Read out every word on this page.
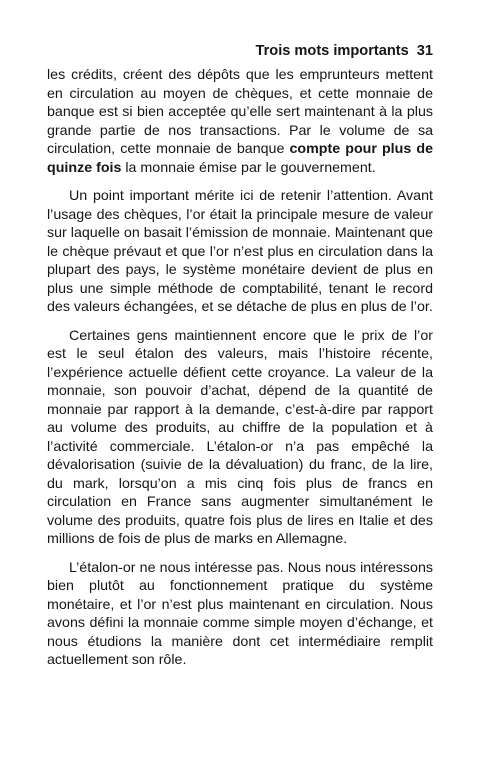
Trois mots importants 31

les crédits, créent des dépôts que les emprunteurs mettent en circulation au moyen de chèques, et cette monnaie de banque est si bien acceptée qu’elle sert maintenant à la plus grande partie de nos transactions. Par le volume de sa circulation, cette monnaie de banque compte pour plus de quinze fois la monnaie émise par le gouvernement.

Un point important mérite ici de retenir l’attention. Avant l’usage des chèques, l’or était la principale mesure de valeur sur laquelle on basait l’émission de monnaie. Maintenant que le chèque prévaut et que l’or n’est plus en circulation dans la plupart des pays, le système monétaire devient de plus en plus une simple méthode de comptabilité, tenant le record des valeurs échangées, et se détache de plus en plus de l’or.

Certaines gens maintiennent encore que le prix de l’or est le seul étalon des valeurs, mais l’histoire récente, l’expérience actuelle défient cette croyance. La valeur de la monnaie, son pouvoir d’achat, dépend de la quantité de monnaie par rapport à la demande, c’est-à-dire par rapport au volume des produits, au chiffre de la population et à l’activité commerciale. L’étalon-or n’a pas empêché la dévalorisation (suivie de la dévaluation) du franc, de la lire, du mark, lorsqu’on a mis cinq fois plus de francs en circulation en France sans augmenter simultanément le volume des produits, quatre fois plus de lires en Italie et des millions de fois de plus de marks en Allemagne.

L’étalon-or ne nous intéresse pas. Nous nous intéressons bien plutôt au fonctionnement pratique du système monétaire, et l’or n’est plus maintenant en circulation. Nous avons défini la monnaie comme simple moyen d’échange, et nous étudions la manière dont cet intermédiaire remplit actuellement son rôle.
